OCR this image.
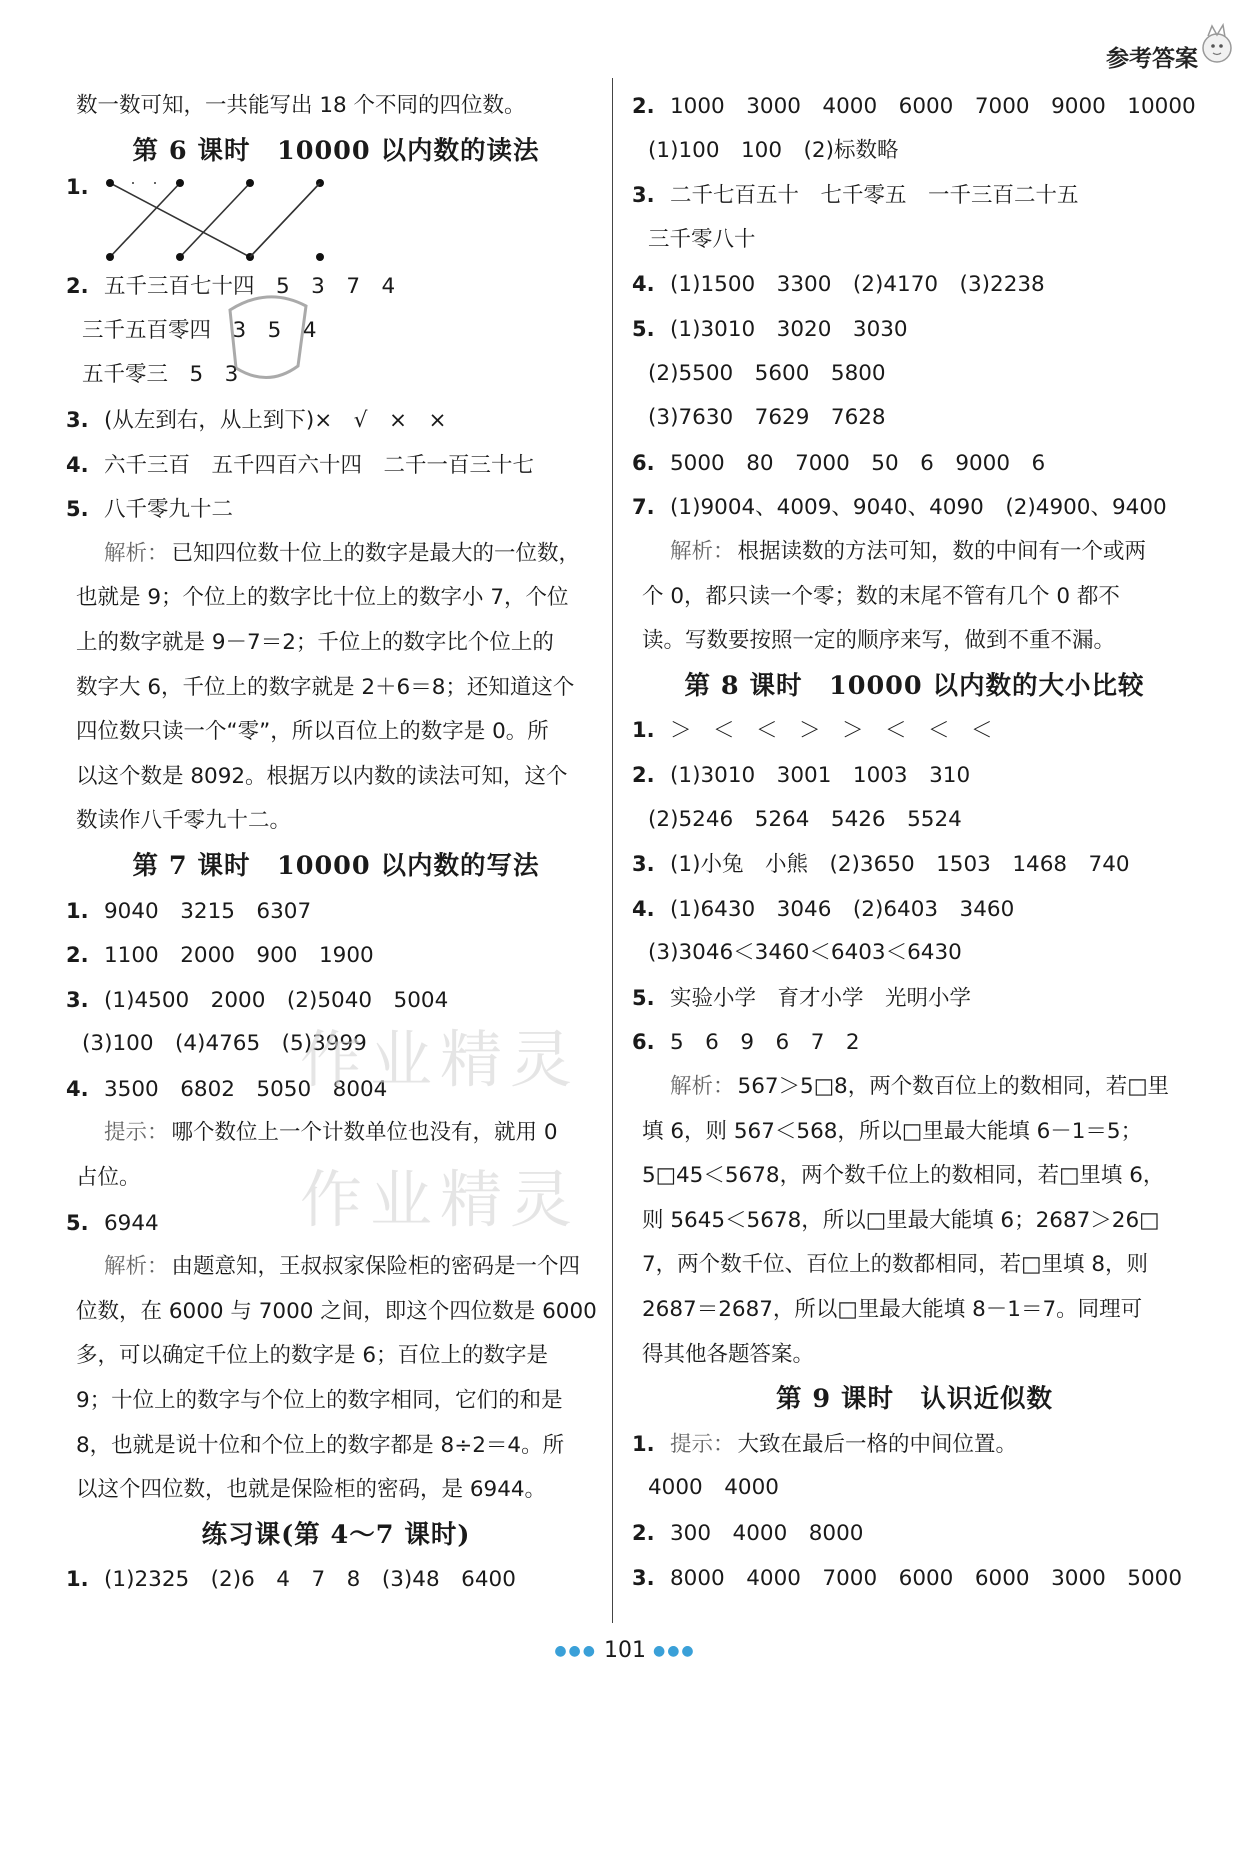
参考答案
数一数可知，一共能写出 18 个不同的四位数。
第 6 课时　10000 以内数的读法
1.
2. 五千三百七十四　5　3　7　4
三千五百零四　3　5　4
五千零三　5　3
3. (从左到右，从上到下)×　√　×　×
4. 六千三百　五千四百六十四　二千一百三十七
5. 八千零九十二
解析： 已知四位数十位上的数字是最大的一位数，
也就是 9；个位上的数字比十位上的数字小 7，个位
上的数字就是 9－7＝2；千位上的数字比个位上的
数字大 6，千位上的数字就是 2＋6＝8；还知道这个
四位数只读一个“零”，所以百位上的数字是 0。所
以这个数是 8092。根据万以内数的读法可知，这个
数读作八千零九十二。
第 7 课时　10000 以内数的写法
1. 9040　3215　6307
2. 1100　2000　900　1900
3. (1)4500　2000　(2)5040　5004
(3)100　(4)4765　(5)3999
4. 3500　6802　5050　8004
提示： 哪个数位上一个计数单位也没有，就用 0
占位。
5. 6944
解析： 由题意知，王叔叔家保险柜的密码是一个四
位数，在 6000 与 7000 之间，即这个四位数是 6000
多，可以确定千位上的数字是 6；百位上的数字是
9；十位上的数字与个位上的数字相同，它们的和是
8，也就是说十位和个位上的数字都是 8÷2＝4。所
以这个四位数，也就是保险柜的密码，是 6944。
练习课(第 4～7 课时)
1. (1)2325　(2)6　4　7　8　(3)48　6400
2. 1000　3000　4000　6000　7000　9000　10000
(1)100　100　(2)标数略
3. 二千七百五十　七千零五　一千三百二十五
三千零八十
4. (1)1500　3300　(2)4170　(3)2238
5. (1)3010　3020　3030
(2)5500　5600　5800
(3)7630　7629　7628
6. 5000　80　7000　50　6　9000　6
7. (1)9004、4009、9040、4090　(2)4900、9400
解析： 根据读数的方法可知，数的中间有一个或两
个 0，都只读一个零；数的末尾不管有几个 0 都不
读。写数要按照一定的顺序来写，做到不重不漏。
第 8 课时　10000 以内数的大小比较
1. ＞　＜　＜　＞　＞　＜　＜　＜
2. (1)3010　3001　1003　310
(2)5246　5264　5426　5524
3. (1)小兔　小熊　(2)3650　1503　1468　740
4. (1)6430　3046　(2)6403　3460
(3)3046＜3460＜6403＜6430
5. 实验小学　育才小学　光明小学
6. 5　6　9　6　7　2
解析： 567＞5□8，两个数百位上的数相同，若□里
填 6，则 567＜568，所以□里最大能填 6－1＝5；
5□45＜5678，两个数千位上的数相同，若□里填 6，
则 5645＜5678，所以□里最大能填 6；2687＞26□
7，两个数千位、百位上的数都相同，若□里填 8，则
2687＝2687，所以□里最大能填 8－1＝7。同理可
得其他各题答案。
第 9 课时　认识近似数
1. 提示： 大致在最后一格的中间位置。
4000　4000
2. 300　4000　8000
3. 8000　4000　7000　6000　6000　3000　5000
作业精灵
作业精灵
●●● 101 ●●●
